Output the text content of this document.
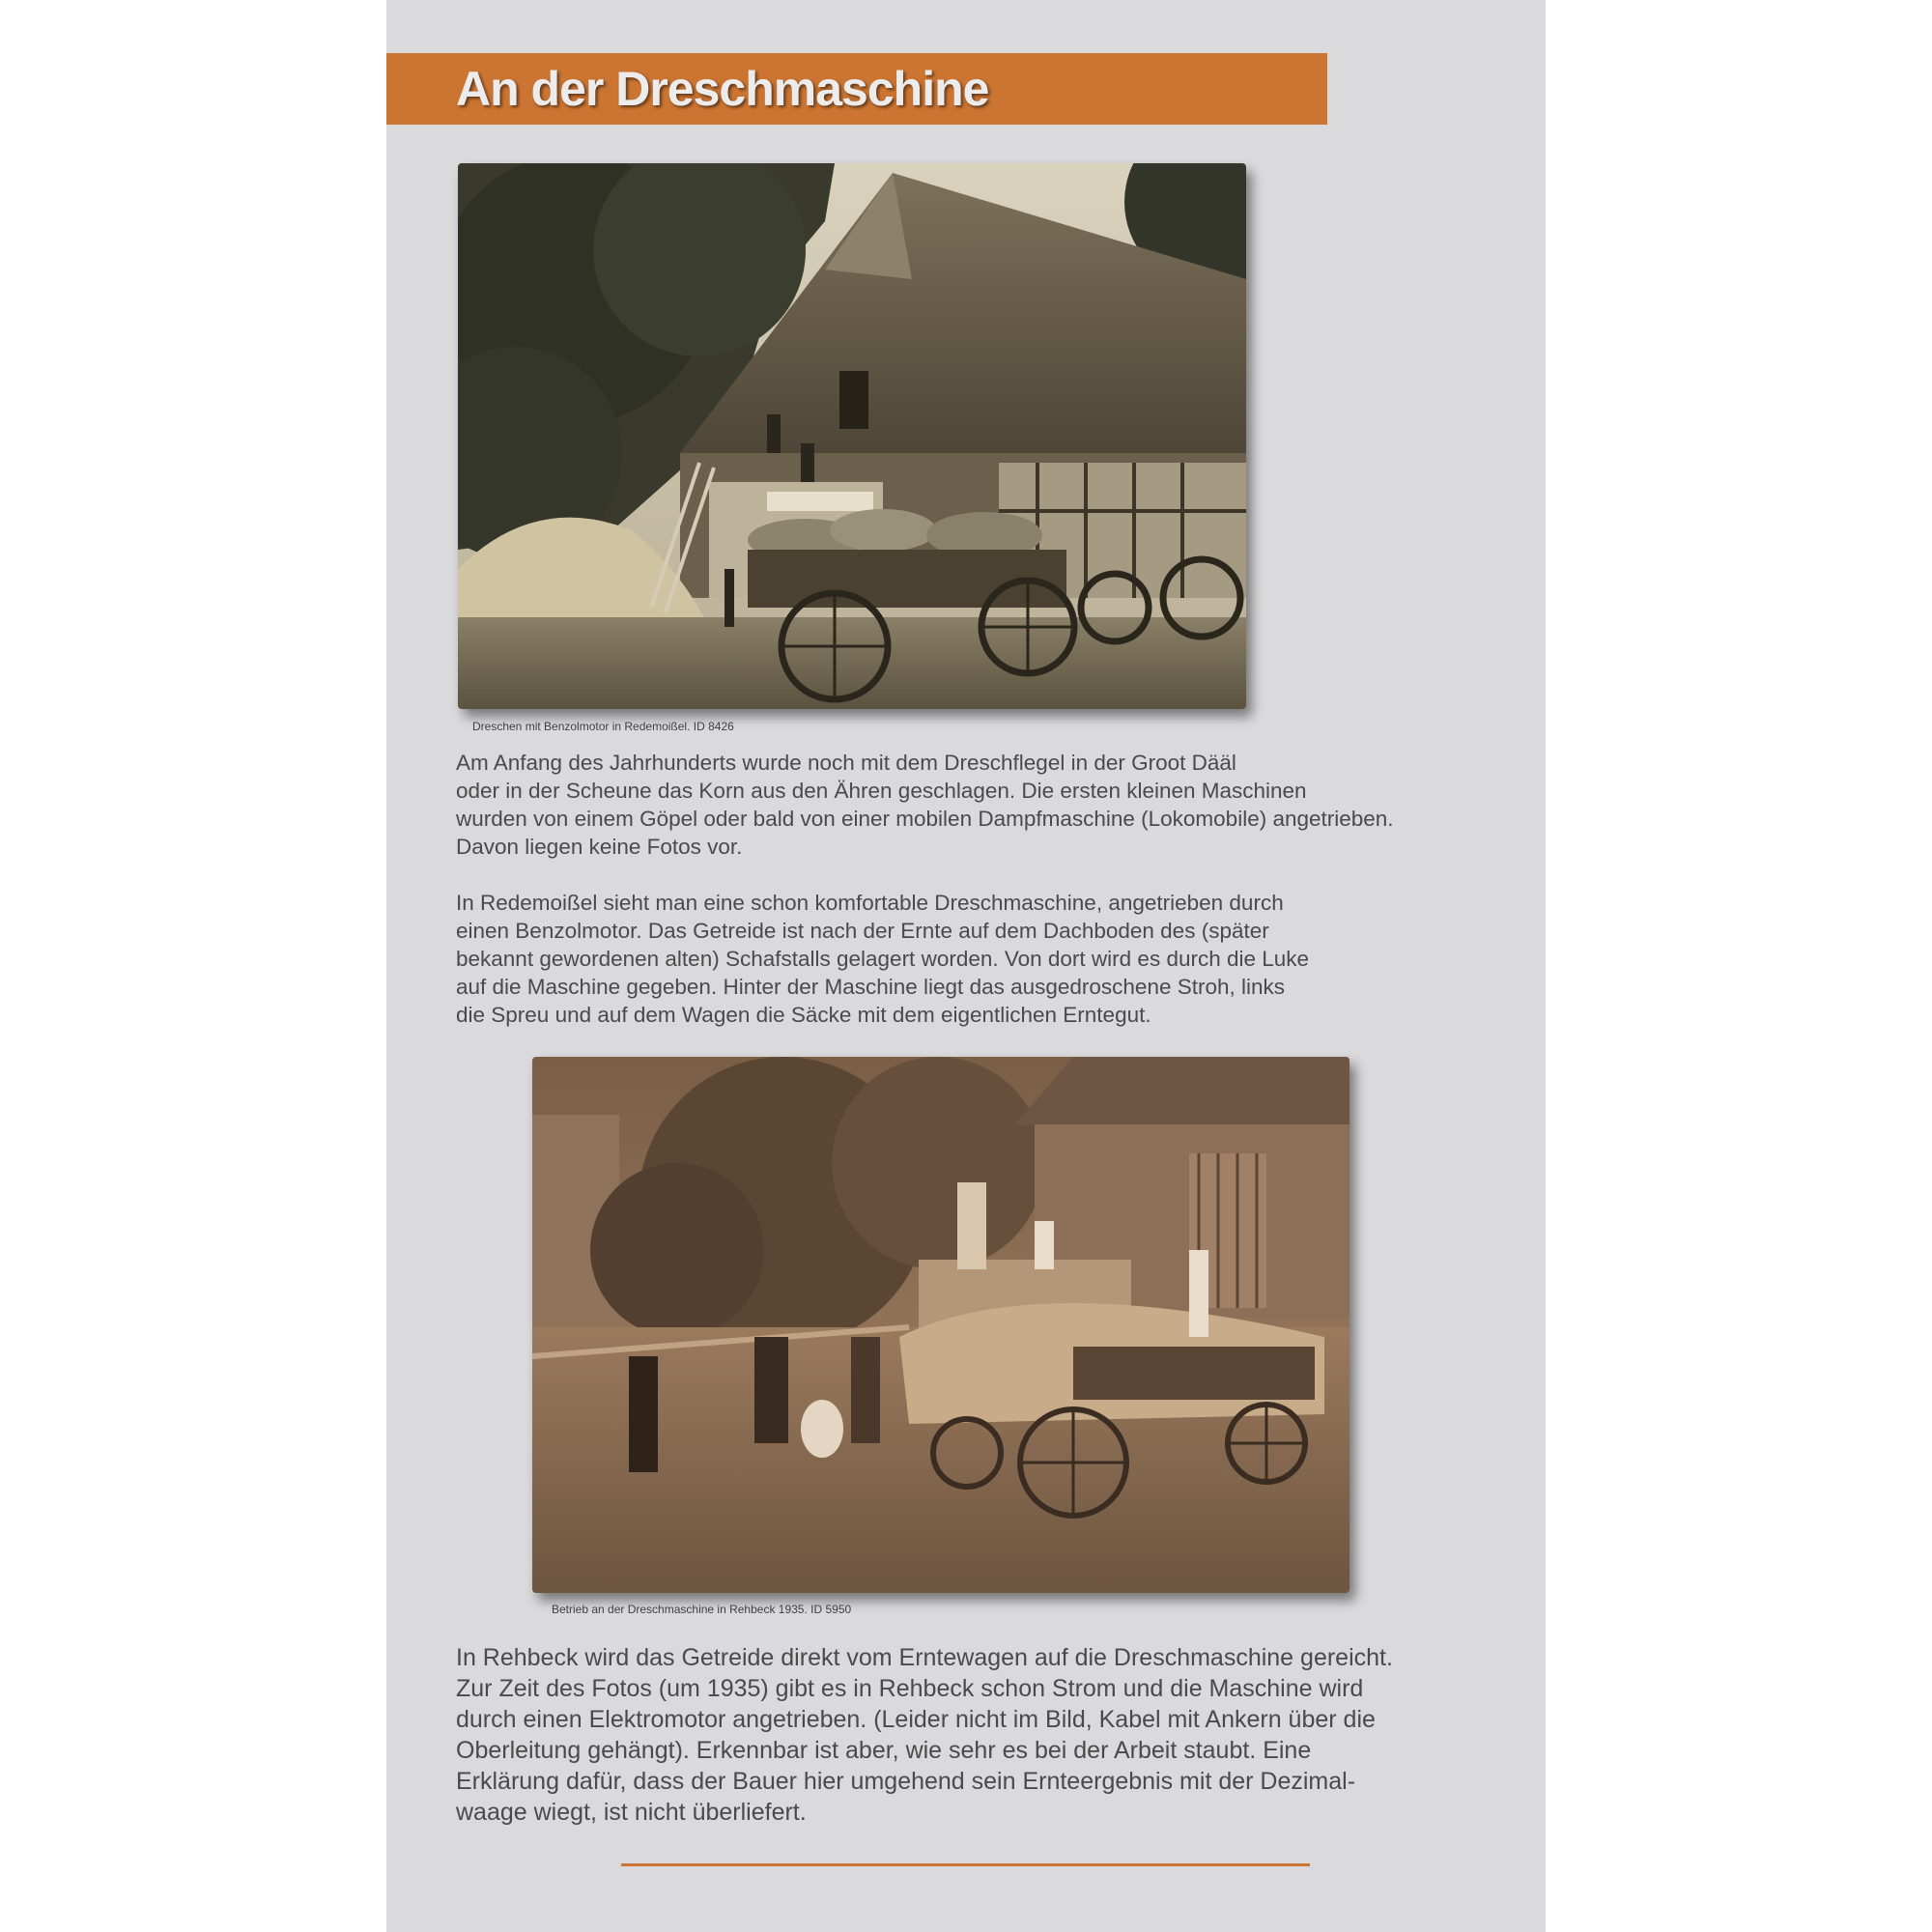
An der Dreschmaschine
Dreschen mit Benzolmotor in Redemoißel. ID 8426

Am Anfang des Jahrhunderts wurde noch mit dem Dreschflegel in der Groot Dääl
oder in der Scheune das Korn aus den Ähren geschlagen. Die ersten kleinen Maschinen
wurden von einem Göpel oder bald von einer mobilen Dampfmaschine (Lokomobile) angetrieben.
Davon liegen keine Fotos vor.

In Redemoißel sieht man eine schon komfortable Dreschmaschine, angetrieben durch
einen Benzolmotor. Das Getreide ist nach der Ernte auf dem Dachboden des (später
bekannt gewordenen alten) Schafstalls gelagert worden. Von dort wird es durch die Luke
auf die Maschine gegeben. Hinter der Maschine liegt das ausgedroschene Stroh, links
die Spreu und auf dem Wagen die Säcke mit dem eigentlichen Erntegut.

Betrieb an der Dreschmaschine in Rehbeck 1935. ID 5950

In Rehbeck wird das Getreide direkt vom Erntewagen auf die Dreschmaschine gereicht.
Zur Zeit des Fotos (um 1935) gibt es in Rehbeck schon Strom und die Maschine wird
durch einen Elektromotor angetrieben. (Leider nicht im Bild, Kabel mit Ankern über die
Oberleitung gehängt). Erkennbar ist aber, wie sehr es bei der Arbeit staubt. Eine
Erklärung dafür, dass der Bauer hier umgehend sein Ernteergebnis mit der Dezimal-
waage wiegt, ist nicht überliefert.
